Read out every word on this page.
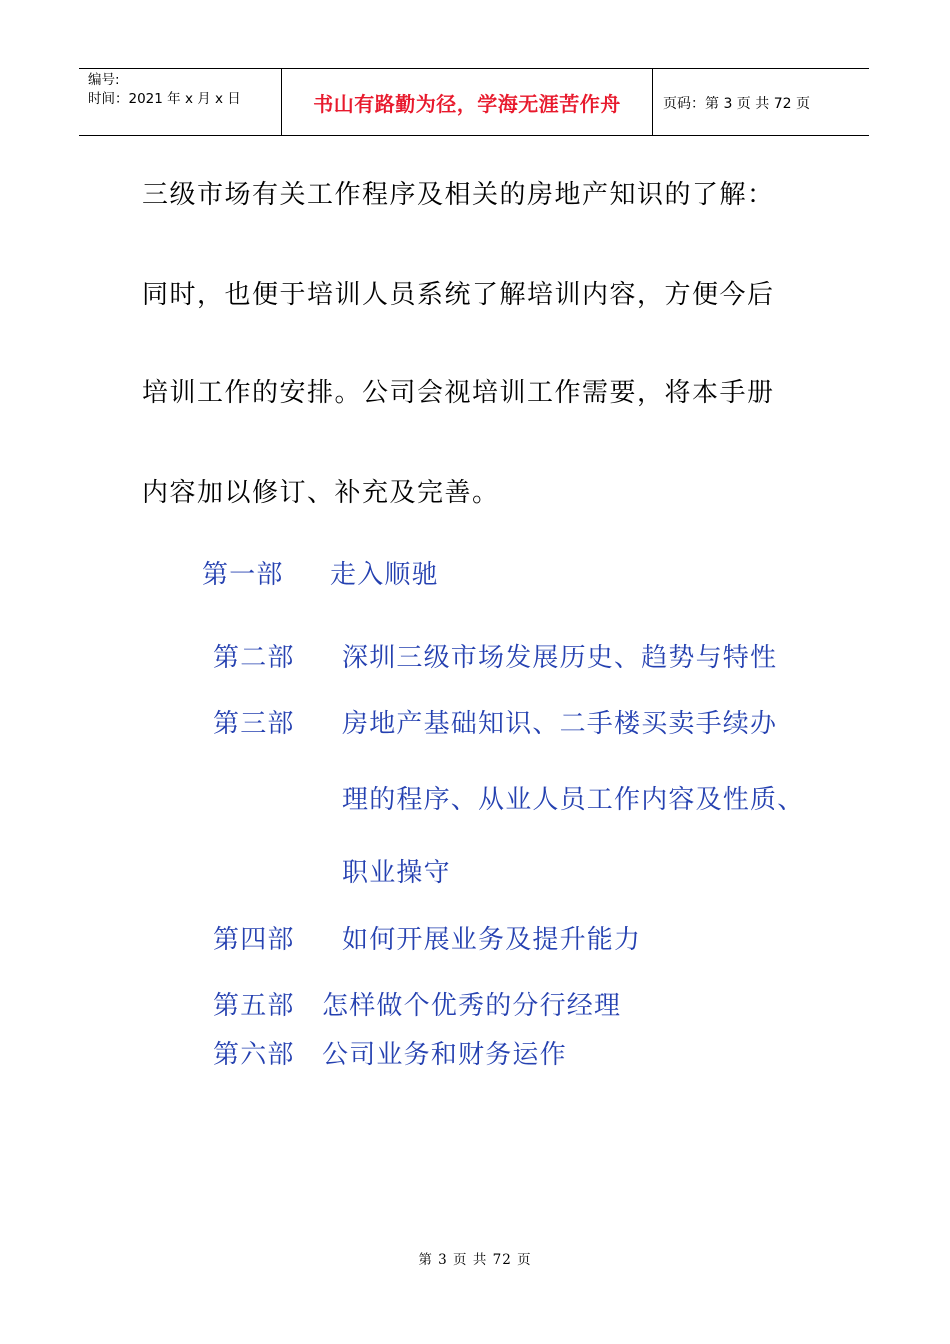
编号:
时间：2021 年 x 月 x 日	书山有路勤为径，学海无涯苦作舟	页码：第 3 页 共 72 页
三级市场有关工作程序及相关的房地产知识的了解：
同时，也便于培训人员系统了解培训内容，方便今后
培训工作的安排。公司会视培训工作需要，将本手册
内容加以修订、补充及完善。
第一部 走入顺驰
第二部 深圳三级市场发展历史、趋势与特性
第三部 房地产基础知识、二手楼买卖手续办
理的程序、从业人员工作内容及性质、
职业操守
第四部 如何开展业务及提升能力
第五部 怎样做个优秀的分行经理
第六部 公司业务和财务运作
第 3 页 共 72 页
